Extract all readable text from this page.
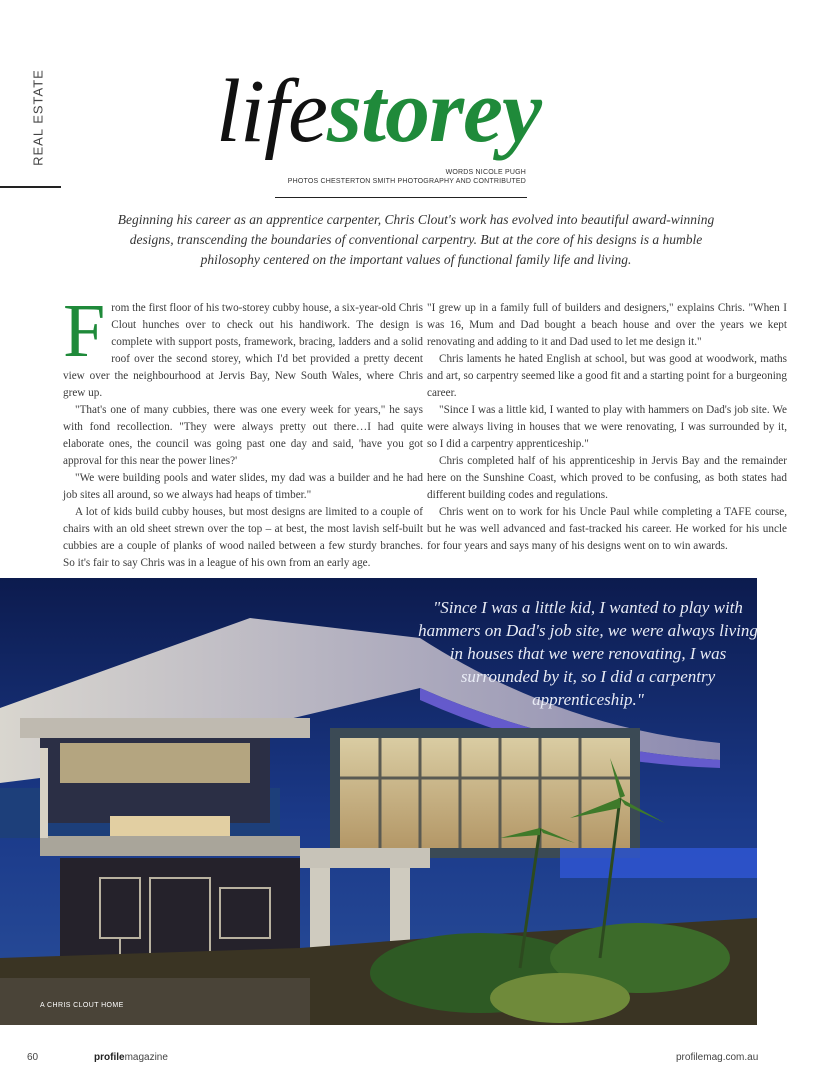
REAL ESTATE lifestorey
WORDS NICOLE PUGH
PHOTOS CHESTERTON SMITH PHOTOGRAPHY AND CONTRIBUTED
Beginning his career as an apprentice carpenter, Chris Clout's work has evolved into beautiful award-winning designs, transcending the boundaries of conventional carpentry. But at the core of his designs is a humble philosophy centered on the important values of functional family life and living.

From the first floor of his two-storey cubby house, a six-year-old Chris Clout hunches over to check out his handiwork. The design is complete with support posts, framework, bracing, ladders and a solid roof over the second storey, which I'd bet provided a pretty decent view over the neighbourhood at Jervis Bay, New South Wales, where Chris grew up.

"That's one of many cubbies, there was one every week for years," he says with fond recollection. "They were always pretty out there…I had quite elaborate ones, the council was going past one day and said, 'have you got approval for this near the power lines?'

"We were building pools and water slides, my dad was a builder and he had job sites all around, so we always had heaps of timber."

A lot of kids build cubby houses, but most designs are limited to a couple of chairs with an old sheet strewn over the top – at best, the most lavish self-built cubbies are a couple of planks of wood nailed between a few sturdy branches. So it's fair to say Chris was in a league of his own from an early age.

"I grew up in a family full of builders and designers," explains Chris. "When I was 16, Mum and Dad bought a beach house and over the years we kept renovating and adding to it and Dad used to let me design it."

Chris laments he hated English at school, but was good at woodwork, maths and art, so carpentry seemed like a good fit and a starting point for a burgeoning career.

"Since I was a little kid, I wanted to play with hammers on Dad's job site. We were always living in houses that we were renovating, I was surrounded by it, so I did a carpentry apprenticeship."

Chris completed half of his apprenticeship in Jervis Bay and the remainder here on the Sunshine Coast, which proved to be confusing, as both states had different building codes and regulations.

Chris went on to work for his Uncle Paul while completing a TAFE course, but he was well advanced and fast-tracked his career. He worked for his uncle for four years and says many of his designs went on to win awards.

"Since I was a little kid, I wanted to play with hammers on Dad's job site, we were always living in houses that we were renovating, I was surrounded by it, so I did a carpentry apprenticeship."
A CHRIS CLOUT HOME
60	profilemagazine	profilemag.com.au
